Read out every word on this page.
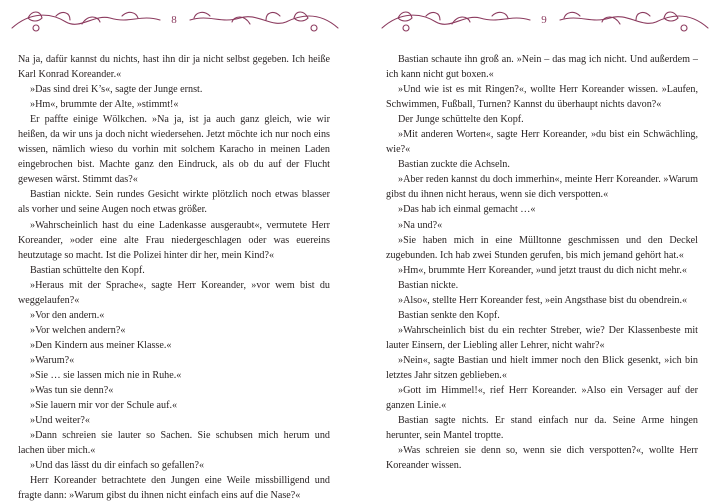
8

Na ja, dafür kannst du nichts, hast ihn dir ja nicht selbst gegeben. Ich heiße Karl Konrad Koreander.«

»Das sind drei K’s«, sagte der Junge ernst.

»Hm«, brummte der Alte, »stimmt!«

Er paffte einige Wölkchen. »Na ja, ist ja auch ganz gleich, wie wir heißen, da wir uns ja doch nicht wiedersehen. Jetzt möchte ich nur noch eins wissen, nämlich wieso du vorhin mit solchem Karacho in meinen Laden eingebrochen bist. Machte ganz den Eindruck, als ob du auf der Flucht gewesen wärst. Stimmt das?«

Bastian nickte. Sein rundes Gesicht wirkte plötzlich noch etwas blasser als vorher und seine Augen noch etwas größer.

»Wahrscheinlich hast du eine Ladenkasse ausgeraubt«, vermutete Herr Koreander, »oder eine alte Frau niedergeschlagen oder was euereins heutzutage so macht. Ist die Polizei hinter dir her, mein Kind?«

Bastian schüttelte den Kopf.

»Heraus mit der Sprache«, sagte Herr Koreander, »vor wem bist du weggelaufen?«

»Vor den andern.«

»Vor welchen andern?«

»Den Kindern aus meiner Klasse.«

»Warum?«

»Sie … sie lassen mich nie in Ruhe.«

»Was tun sie denn?«

»Sie lauern mir vor der Schule auf.«

»Und weiter?«

»Dann schreien sie lauter so Sachen. Sie schubsen mich herum und lachen über mich.«

»Und das lässt du dir einfach so gefallen?«

Herr Koreander betrachtete den Jungen eine Weile missbilligend und fragte dann: »Warum gibst du ihnen nicht einfach eins auf die Nase?«

9

Bastian schaute ihn groß an. »Nein – das mag ich nicht. Und außerdem – ich kann nicht gut boxen.«

»Und wie ist es mit Ringen?«, wollte Herr Koreander wissen. »Laufen, Schwimmen, Fußball, Turnen? Kannst du überhaupt nichts davon?«

Der Junge schüttelte den Kopf.

»Mit anderen Worten«, sagte Herr Koreander, »du bist ein Schwächling, wie?«

Bastian zuckte die Achseln.

»Aber reden kannst du doch immerhin«, meinte Herr Koreander. »Warum gibst du ihnen nicht heraus, wenn sie dich verspotten.«

»Das hab ich einmal gemacht …«

»Na und?«

»Sie haben mich in eine Mülltonne geschmissen und den Deckel zugebunden. Ich hab zwei Stunden gerufen, bis mich jemand gehört hat.«

»Hm«, brummte Herr Koreander, »und jetzt traust du dich nicht mehr.«

Bastian nickte.

»Also«, stellte Herr Koreander fest, »ein Angsthase bist du obendrein.«

Bastian senkte den Kopf.

»Wahrscheinlich bist du ein rechter Streber, wie? Der Klassenbeste mit lauter Einsern, der Liebling aller Lehrer, nicht wahr?«

»Nein«, sagte Bastian und hielt immer noch den Blick gesenkt, »ich bin letztes Jahr sitzen geblieben.«

»Gott im Himmel!«, rief Herr Koreander. »Also ein Versager auf der ganzen Linie.«

Bastian sagte nichts. Er stand einfach nur da. Seine Arme hingen herunter, sein Mantel troptte.

»Was schreien sie denn so, wenn sie dich verspotten?«, wollte Herr Koreander wissen.
